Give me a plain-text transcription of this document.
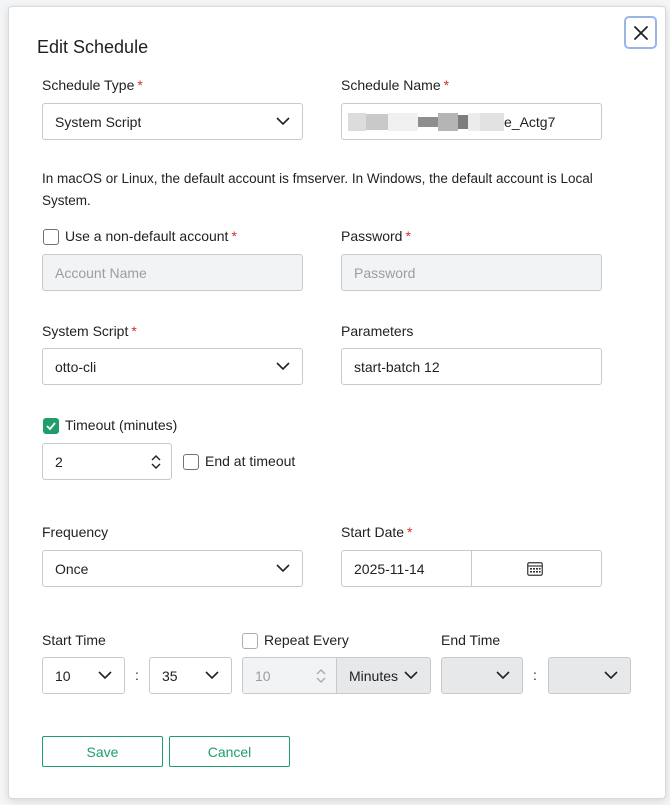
Edit Schedule
Schedule Type *
System Script
Schedule Name *
e_Actg7
In macOS or Linux, the default account is fmserver. In Windows, the default account is Local System.
Use a non-default account *
Account Name
Password *
Password
System Script *
otto-cli
Parameters
start-batch 12
Timeout (minutes)
2	End at timeout
Frequency
Once
Start Date *
2025-11-14
Start Time
10	: 35
Repeat Every
10	Minutes
End Time
:
Save	Cancel
